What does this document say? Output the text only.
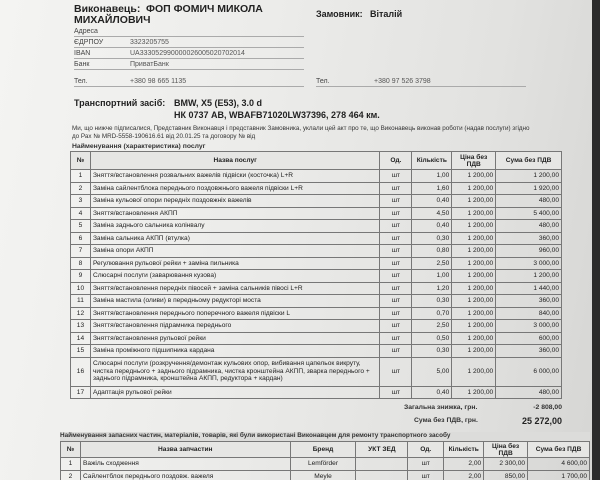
Виконавець: ФОП ФОМИЧ МИКОЛА
МИХАЙЛОВИЧ	Замовник: Віталій
Адреса
ЄДРПОУ	3323205755
IBAN	UA333052990000026005020702014
Банк	ПриватБанк
Тел.	+380 98 665 1135	Тел.	+380 97 526 3798
Транспортний засіб: BMW, X5 (E53), 3.0 d
НК 0737 АВ, WBAFB71020LW37396, 278 464 км.
Ми, що нижче підписалися, Представник Виконавця і представник Замовника, уклали цей акт про те, що Виконавець виконав роботи (надав послуги) згідно
до Рах № MRD-5558-190616.61 від 20.01.25 та договору № від
Найменування (характеристика) послуг
№	Назва послуг	Од.	Кількість	Ціна без ПДВ	Сума без ПДВ
1	Зняття/встановлення розвальних важелів підвіски (косточка) L+R	шт	1,00	1 200,00	1 200,00
2	Заміна сайлентблока переднього поздовжнього важеля підвіски L+R	шт	1,60	1 200,00	1 920,00
3	Заміна кульової опори передніх поздовжніх важелів	шт	0,40	1 200,00	480,00
4	Зняття/встановлення АКПП	шт	4,50	1 200,00	5 400,00
5	Заміна заднього сальника колінвалу	шт	0,40	1 200,00	480,00
6	Заміна сальника АКПП (втулка)	шт	0,30	1 200,00	360,00
7	Заміна опори АКПП	шт	0,80	1 200,00	960,00
8	Регулювання рульової рейки + заміна пильника	шт	2,50	1 200,00	3 000,00
9	Слюсарні послуги (заварювання кузова)	шт	1,00	1 200,00	1 200,00
10	Зняття/встановлення передніх півосей + заміна сальників півосі L+R	шт	1,20	1 200,00	1 440,00
11	Заміна мастила (оливи) в передньому редукторі моста	шт	0,30	1 200,00	360,00
12	Зняття/встановлення переднього поперечного важеля підвіски L	шт	0,70	1 200,00	840,00
13	Зняття/встановлення підрамника переднього	шт	2,50	1 200,00	3 000,00
14	Зняття/встановлення рульової рейки	шт	0,50	1 200,00	600,00
15	Заміна проміжного підшипника кардана	шт	0,30	1 200,00	360,00
16	Слюсарні послуги (розкручення/демонтаж кульових опор, вибивання цапельок викруту, чистка переднього + заднього підрамника, чистка кронштейна АКПП, зварка переднього + заднього підрамника, кронштейна АКПП, редуктора + кардан)	шт	5,00	1 200,00	6 000,00
17	Адаптація рульової рейки	шт	0,40	1 200,00	480,00
Загальна знижка, грн.	-2 808,00
Сума без ПДВ, грн.	25 272,00
Найменування запасних частин, матеріалів, товарів, які були використані Виконавцем для ремонту транспортного засобу
№	Назва запчастин	Бренд	УКТ ЗЕД	Од.	Кількість	Ціна без ПДВ	Сума без ПДВ
1	Важіль сходження	Lemförder		шт	2,00	2 300,00	4 600,00
2	Сайлентблок переднього поздовж. важеля	Meyle		шт	2,00	850,00	1 700,00
